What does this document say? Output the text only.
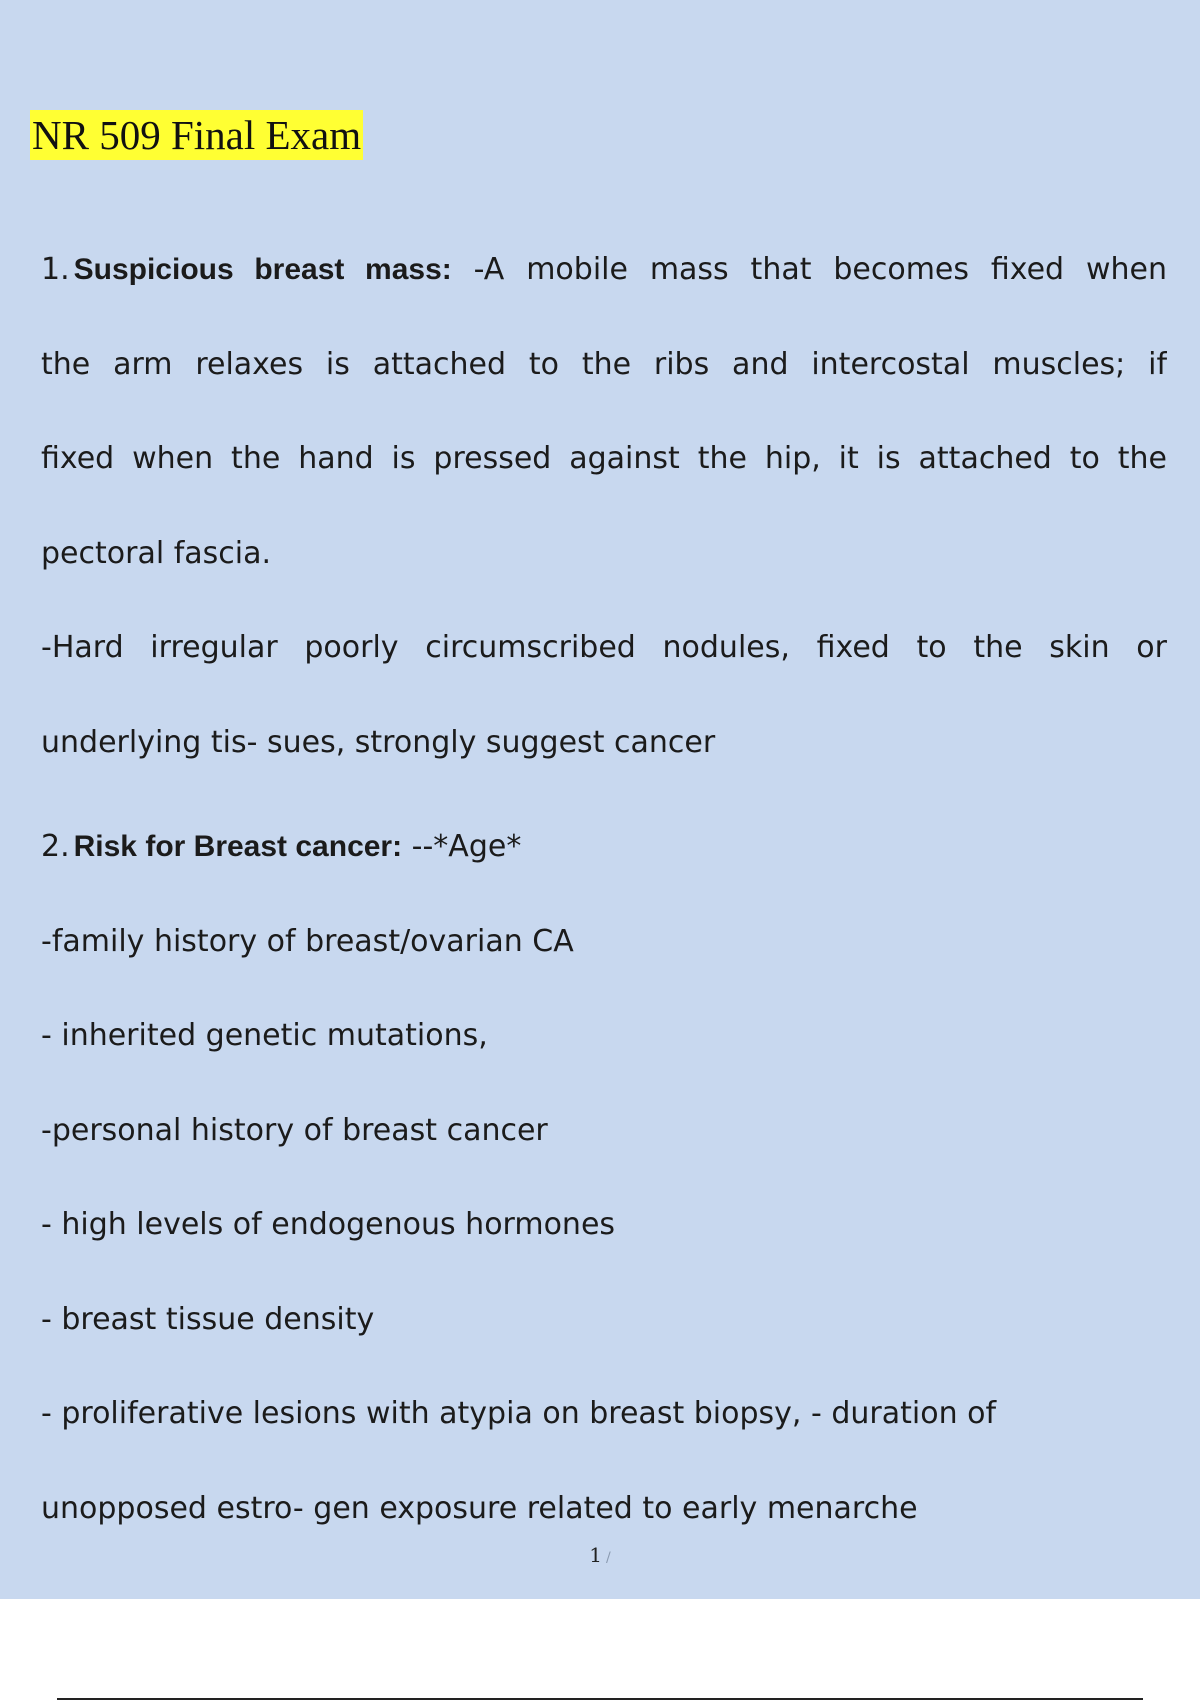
NR 509 Final Exam
1. Suspicious breast mass: -A mobile mass that becomes fixed when
the arm relaxes is attached to the ribs and intercostal muscles; if
fixed when the hand is pressed against the hip, it is attached to the
pectoral fascia.
-Hard irregular poorly circumscribed nodules, fixed to the skin or
underlying tis- sues, strongly suggest cancer
2. Risk for Breast cancer: --*Age*
-family history of breast/ovarian CA
- inherited genetic mutations,
-personal history of breast cancer
- high levels of endogenous hormones
- breast tissue density
- proliferative lesions with atypia on breast biopsy, - duration of
unopposed estro- gen exposure related to early menarche
1 /
